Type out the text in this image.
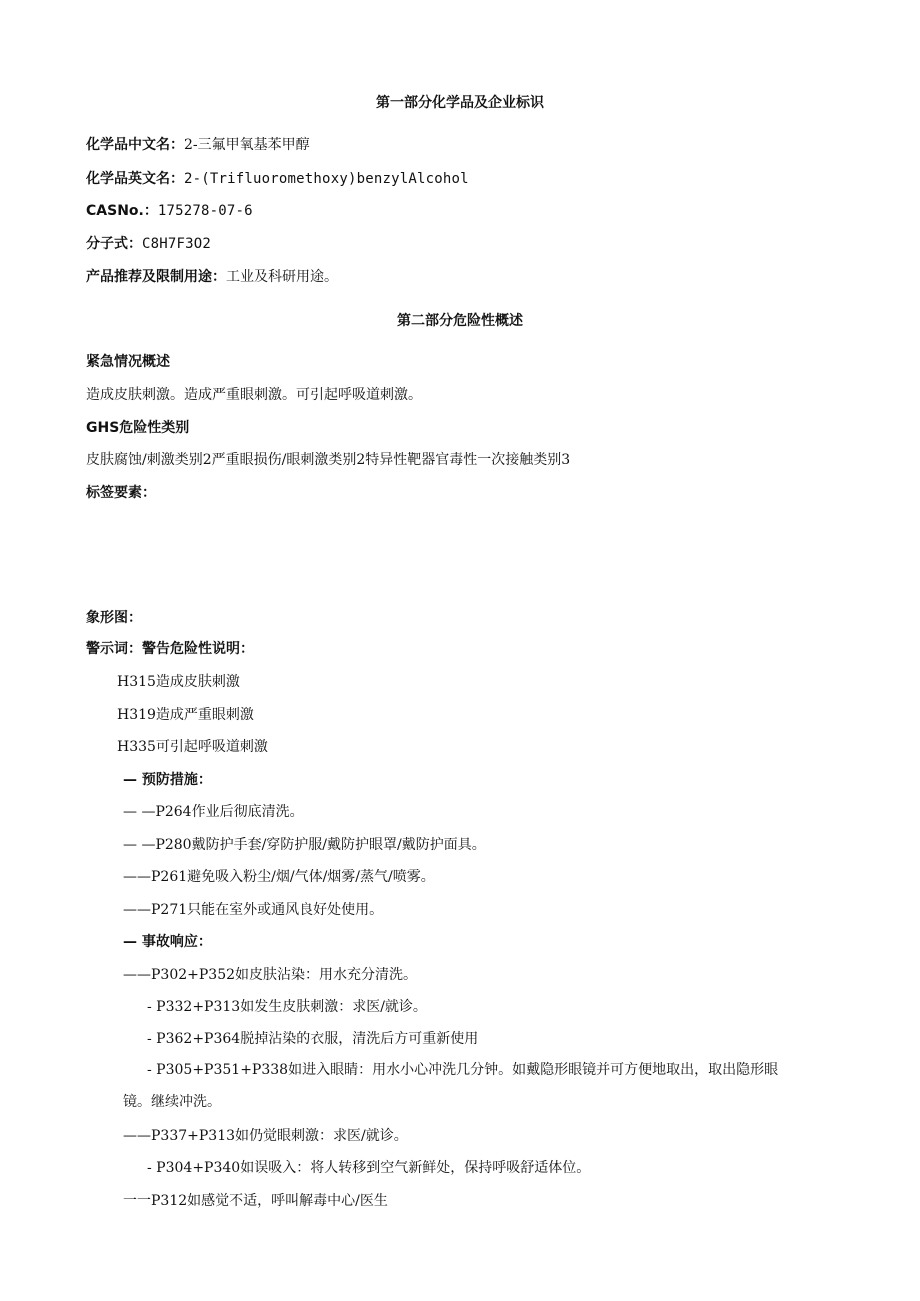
第一部分化学品及企业标识
化学品中文名：2-三氟甲氧基苯甲醇
化学品英文名：2-(Trifluoromethoxy)benzylAlcohol
CASNo.：175278-07-6
分子式：C8H7F3O2
产品推荐及限制用途：工业及科研用途。
第二部分危险性概述
紧急情况概述
造成皮肤刺激。造成严重眼刺激。可引起呼吸道刺激。
GHS危险性类别
皮肤腐蚀/刺激类别2严重眼损伤/眼刺激类别2特异性靶器官毒性一次接触类别3
标签要素：
象形图：
警示词：警告危险性说明：
H315造成皮肤刺激
H319造成严重眼刺激
H335可引起呼吸道刺激
— 预防措施：
— —P264作业后彻底清洗。
— —P280戴防护手套/穿防护服/戴防护眼罩/戴防护面具。
——P261避免吸入粉尘/烟/气体/烟雾/蒸气/喷雾。
——P271只能在室外或通风良好处使用。
— 事故响应：
——P302+P352如皮肤沾染：用水充分清洗。
- P332+P313如发生皮肤刺激：求医/就诊。
- P362+P364脱掉沾染的衣服，清洗后方可重新使用
- P305+P351+P338如进入眼睛：用水小心冲洗几分钟。如戴隐形眼镜并可方便地取出，取出隐形眼
镜。继续冲洗。
——P337+P313如仍觉眼刺激：求医/就诊。
- P304+P340如误吸入：将人转移到空气新鲜处，保持呼吸舒适体位。
一一P312如感觉不适，呼叫解毒中心/医生
